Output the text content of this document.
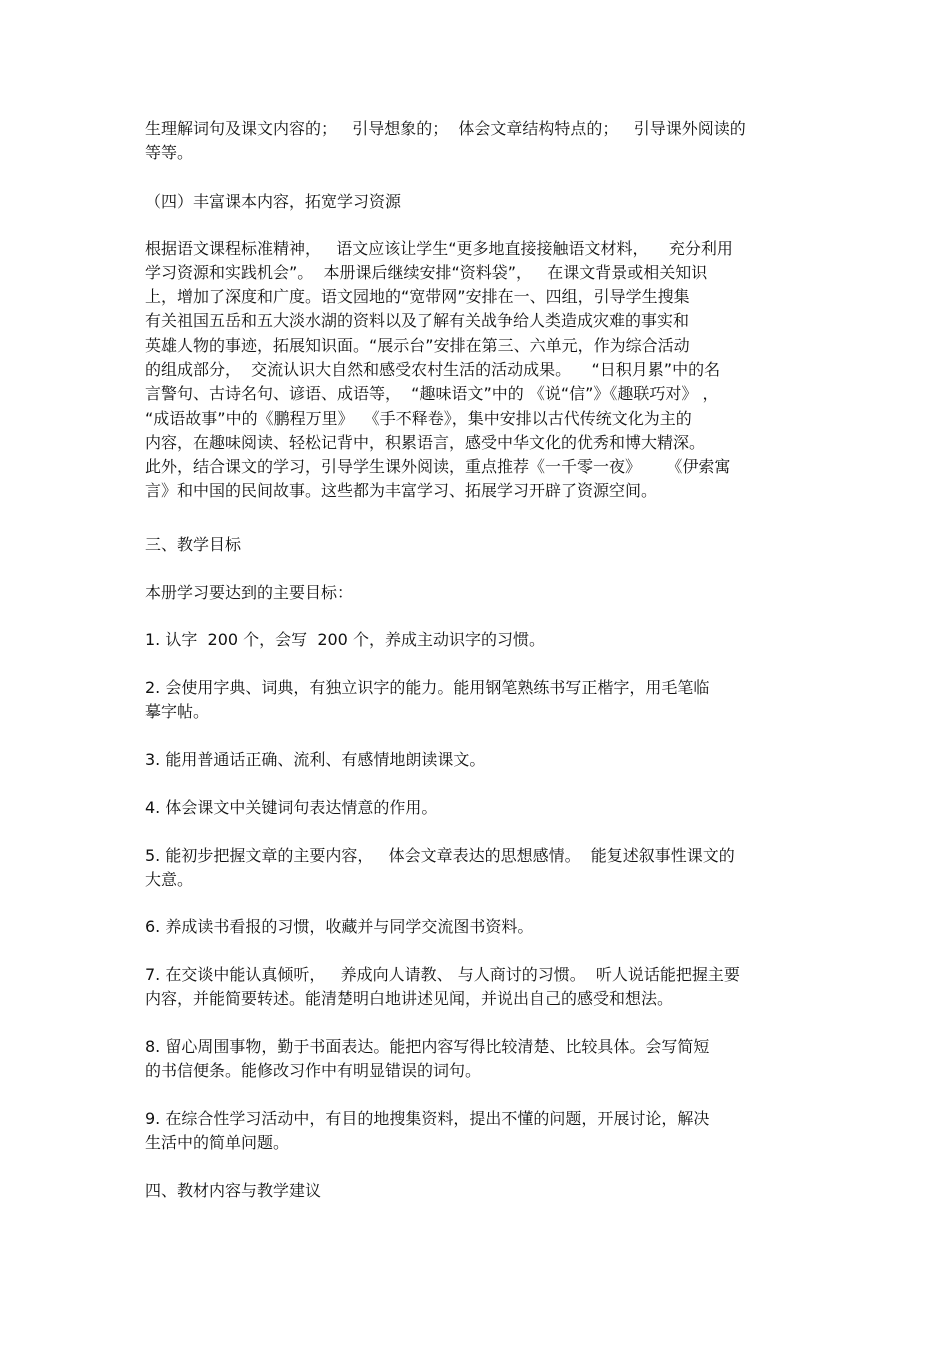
生理解词句及课文内容的；   引导想象的；  体会文章结构特点的；   引导课外阅读的

等等。

（四）丰富课本内容，拓宽学习资源

根据语文课程标准精神，   语文应该让学生“更多地直接接触语文材料，    充分利用

学习资源和实践机会”。  本册课后继续安排“资料袋”，   在课文背景或相关知识

上，增加了深度和广度。语文园地的“宽带网”安排在一、四组，引导学生搜集

有关祖国五岳和五大淡水湖的资料以及了解有关战争给人类造成灾难的事实和

英雄人物的事迹，拓展知识面。“展示台”安排在第三、六单元，作为综合活动

的组成部分，  交流认识大自然和感受农村生活的活动成果。    “日积月累”中的名

言警句、古诗名句、谚语、成语等，  “趣味语文”中的 《说“信”》《趣联巧对》 ，

“成语故事”中的《鹏程万里》  《手不释卷》，集中安排以古代传统文化为主的

内容，在趣味阅读、轻松记背中，积累语言，感受中华文化的优秀和博大精深。

此外，结合课文的学习，引导学生课外阅读，重点推荐《一千零一夜》     《伊索寓

言》和中国的民间故事。这些都为丰富学习、拓展学习开辟了资源空间。

三、教学目标

本册学习要达到的主要目标：

1. 认字  200 个，会写  200 个，养成主动识字的习惯。

2. 会使用字典、词典，有独立识字的能力。能用钢笔熟练书写正楷字，用毛笔临

摹字帖。

3. 能用普通话正确、流利、有感情地朗读课文。

4. 体会课文中关键词句表达情意的作用。

5. 能初步把握文章的主要内容，   体会文章表达的思想感情。  能复述叙事性课文的

大意。

6. 养成读书看报的习惯，收藏并与同学交流图书资料。

7. 在交谈中能认真倾听，   养成向人请教、 与人商讨的习惯。  听人说话能把握主要

内容，并能简要转述。能清楚明白地讲述见闻，并说出自己的感受和想法。

8. 留心周围事物，勤于书面表达。能把内容写得比较清楚、比较具体。会写简短

的书信便条。能修改习作中有明显错误的词句。

9. 在综合性学习活动中，有目的地搜集资料，提出不懂的问题，开展讨论，解决

生活中的简单问题。

四、教材内容与教学建议
